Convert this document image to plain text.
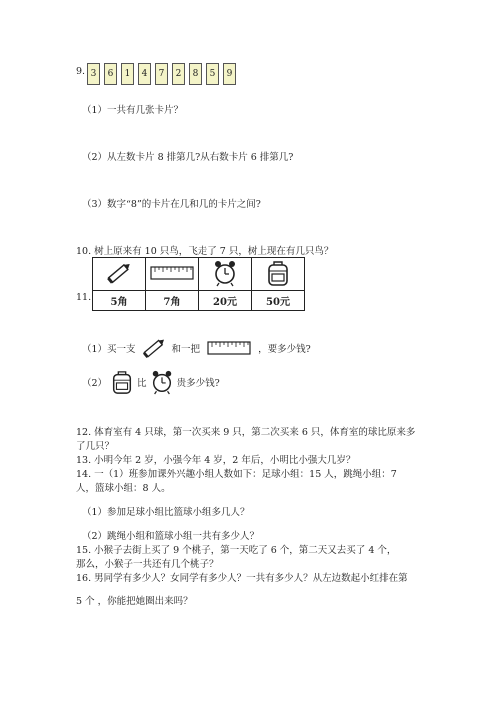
9. 3	6	1	4	7	2	8	5	9
（1）一共有几张卡片？
（2）从左数卡片 8 排第几?从右数卡片 6 排第几?
（3）数字“8”的卡片在几和几的卡片之间?
10. 树上原来有 10 只鸟，飞走了 7 只，树上现在有几只鸟？
11.
			5角	7角	20元	50元
（1）买一支	和一把	，要多少钱?
（2）	比	贵多少钱?
12. 体育室有 4 只球，第一次买来 9 只，第二次买来 6 只，体育室的球比原来多
了几只？
13. 小明今年 2 岁，小强今年 4 岁，2 年后，小明比小强大几岁？
14. 一（1）班参加课外兴趣小组人数如下：足球小组：15 人，跳绳小组：7
人，篮球小组：8 人。
（1）参加足球小组比篮球小组多几人？
（2）跳绳小组和篮球小组一共有多少人？
15. 小猴子去街上买了 9 个桃子，第一天吃了 6 个，第二天又去买了 4 个，
那么，小猴子一共还有几个桃子？
16. 男同学有多少人？女同学有多少人？一共有多少人？从左边数起小红排在第
5 个 ，你能把她圈出来吗？
